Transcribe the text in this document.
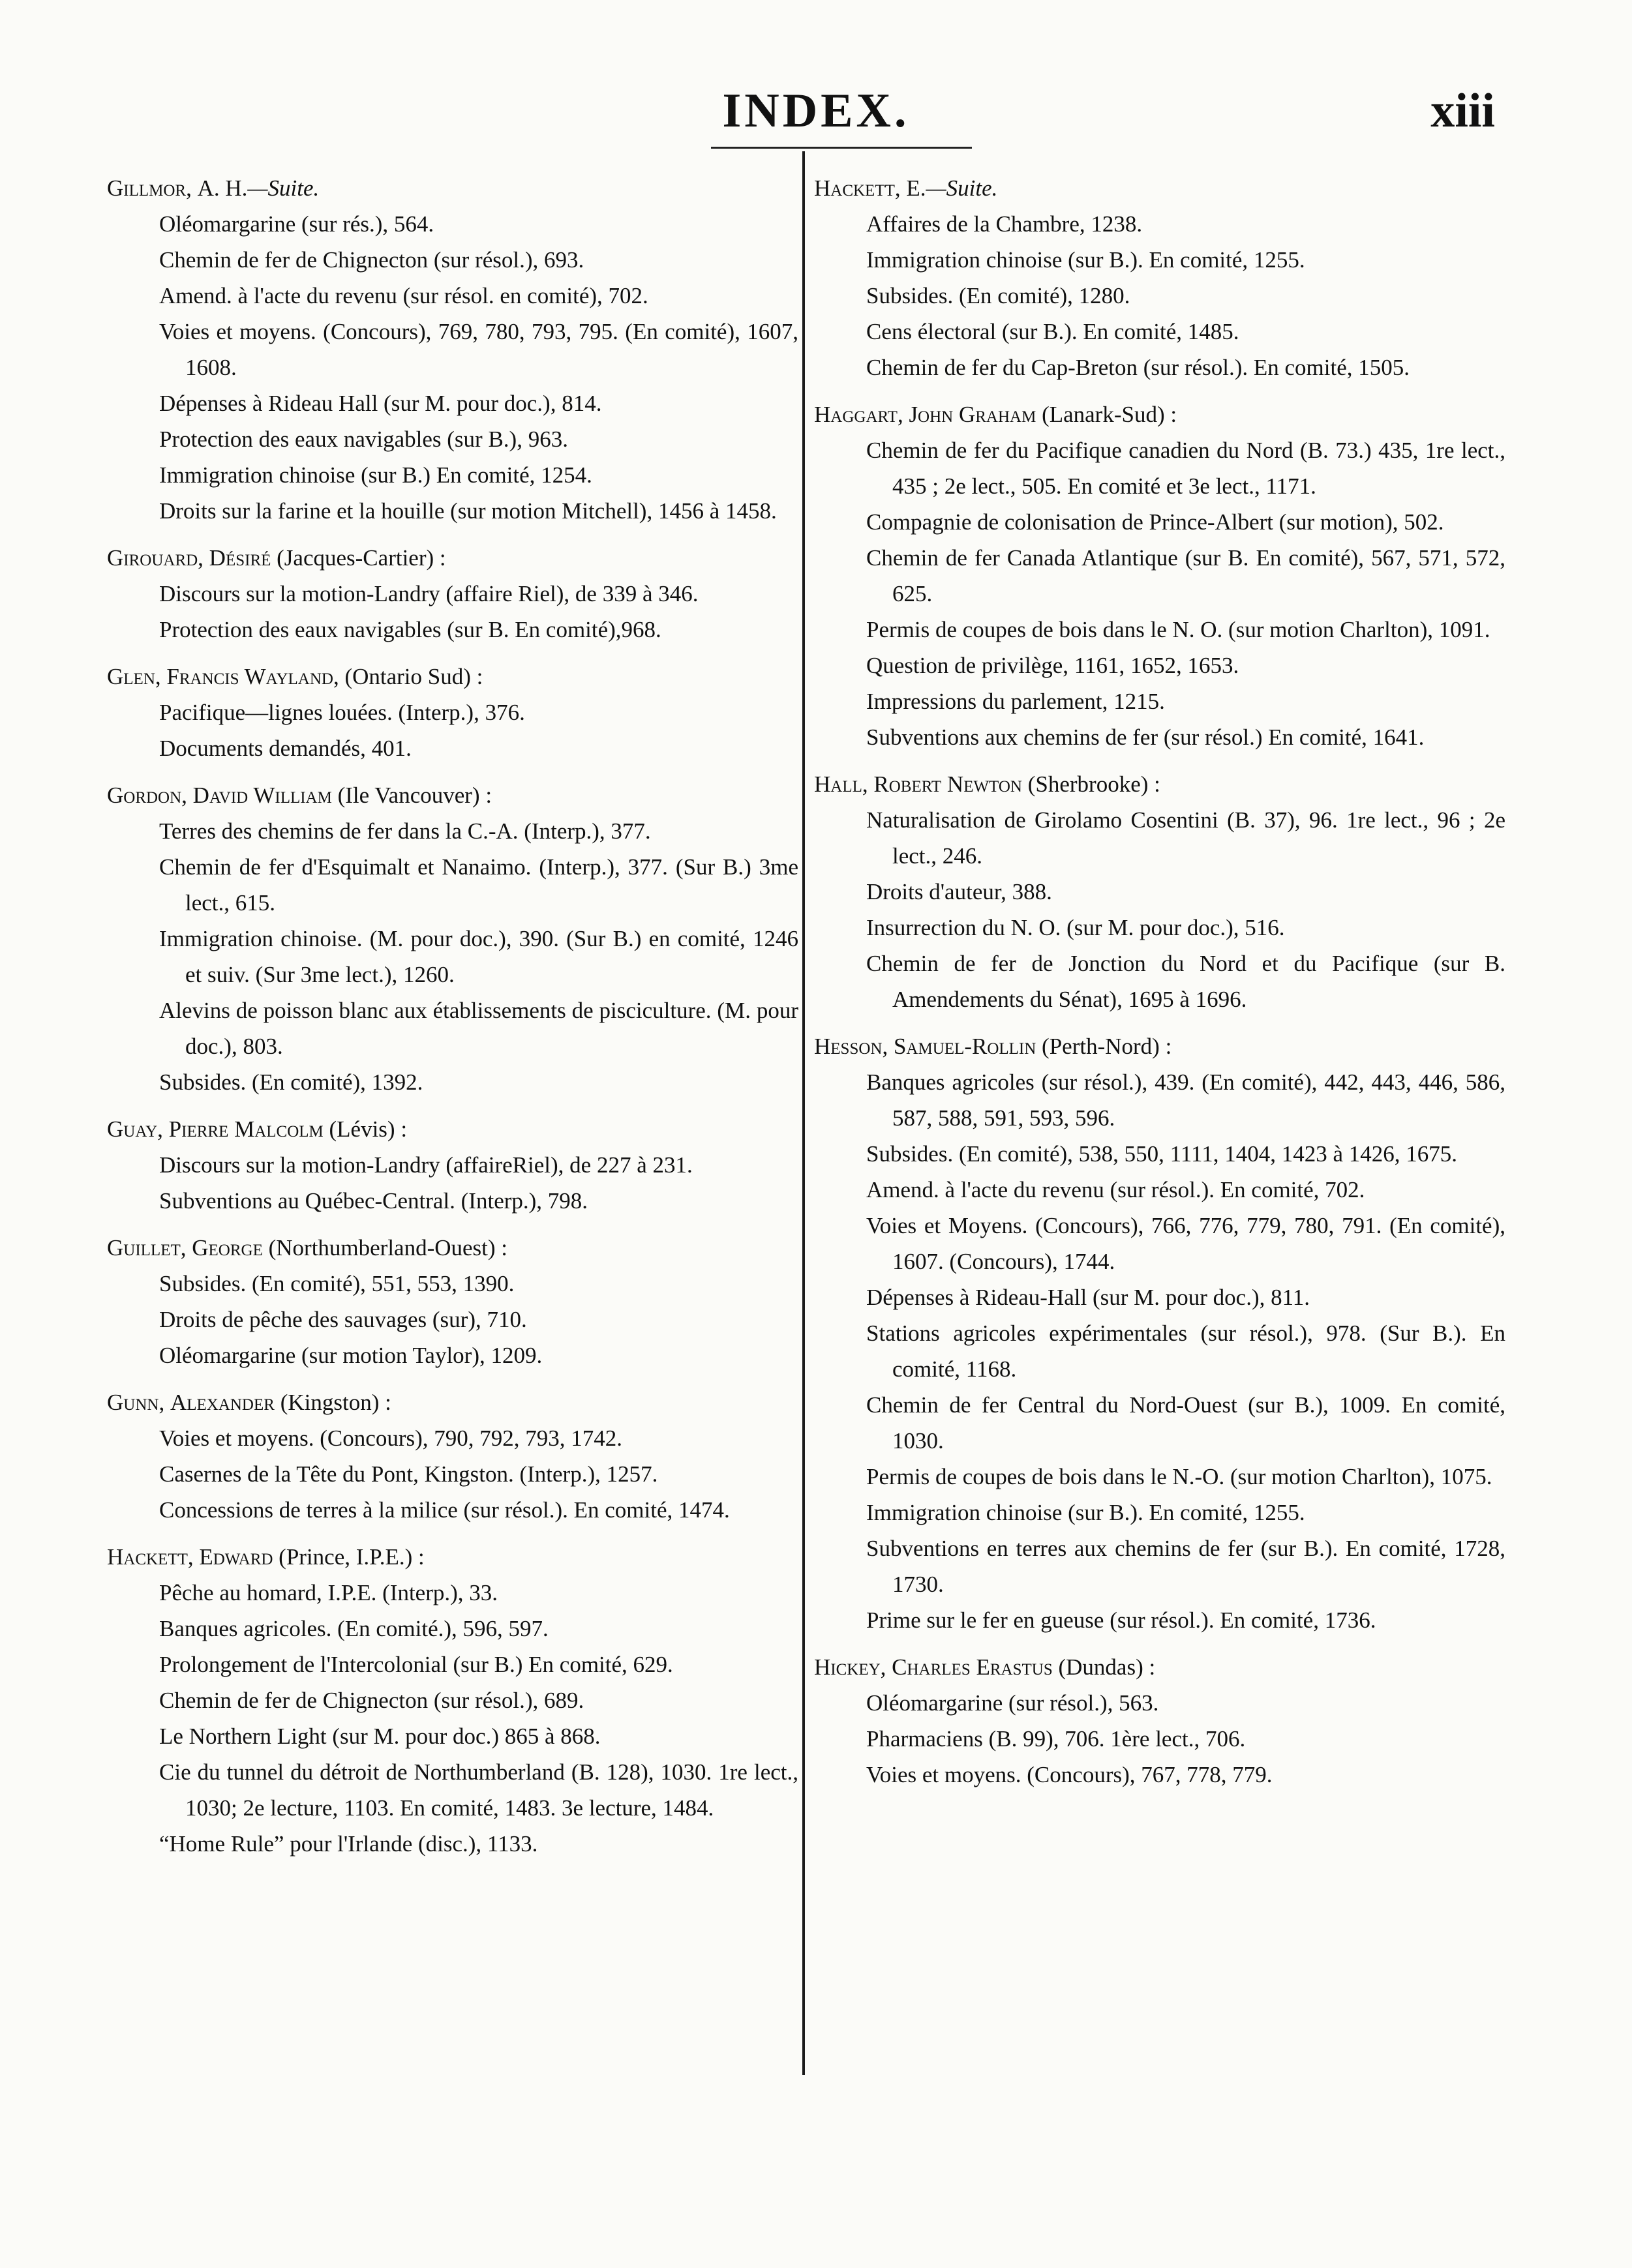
INDEX.	xiii
Gillmor, A. H.—Suite.
Oléomargarine (sur rés.), 564.
Chemin de fer de Chignecton (sur résol.), 693.
Amend. à l'acte du revenu (sur résol. en comité), 702.
Voies et moyens. (Concours), 769, 780, 793, 795. (En comité), 1607, 1608.
Dépenses à Rideau Hall (sur M. pour doc.), 814.
Protection des eaux navigables (sur B.), 963.
Immigration chinoise (sur B.) En comité, 1254.
Droits sur la farine et la houille (sur motion Mitchell), 1456 à 1458.
Girouard, Désiré (Jacques-Cartier) :
Discours sur la motion-Landry (affaire Riel), de 339 à 346.
Protection des eaux navigables (sur B. En comité),968.
Glen, Francis Wayland, (Ontario Sud) :
Pacifique—lignes louées. (Interp.), 376.
Documents demandés, 401.
Gordon, David William (Ile Vancouver) :
Terres des chemins de fer dans la C.-A. (Interp.), 377.
Chemin de fer d'Esquimalt et Nanaimo. (Interp.), 377. (Sur B.) 3me lect., 615.
Immigration chinoise. (M. pour doc.), 390. (Sur B.) en comité, 1246 et suiv. (Sur 3me lect.), 1260.
Alevins de poisson blanc aux établissements de pisciculture. (M. pour doc.), 803.
Subsides. (En comité), 1392.
Guay, Pierre Malcolm (Lévis) :
Discours sur la motion-Landry (affaireRiel), de 227 à 231.
Subventions au Québec-Central. (Interp.), 798.
Guillet, George (Northumberland-Ouest) :
Subsides. (En comité), 551, 553, 1390.
Droits de pêche des sauvages (sur), 710.
Oléomargarine (sur motion Taylor), 1209.
Gunn, Alexander (Kingston) :
Voies et moyens. (Concours), 790, 792, 793, 1742.
Casernes de la Tête du Pont, Kingston. (Interp.), 1257.
Concessions de terres à la milice (sur résol.). En comité, 1474.
Hackett, Edward (Prince, I.P.E.) :
Pêche au homard, I.P.E. (Interp.), 33.
Banques agricoles. (En comité.), 596, 597.
Prolongement de l'Intercolonial (sur B.) En comité, 629.
Chemin de fer de Chignecton (sur résol.), 689.
Le Northern Light (sur M. pour doc.) 865 à 868.
Cie du tunnel du détroit de Northumberland (B. 128), 1030. 1re lect., 1030; 2e lecture, 1103. En comité, 1483. 3e lecture, 1484.
“Home Rule” pour l'Irlande (disc.), 1133.
Hackett, E.—Suite.
Affaires de la Chambre, 1238.
Immigration chinoise (sur B.). En comité, 1255.
Subsides. (En comité), 1280.
Cens électoral (sur B.). En comité, 1485.
Chemin de fer du Cap-Breton (sur résol.). En comité, 1505.
Haggart, John Graham (Lanark-Sud) :
Chemin de fer du Pacifique canadien du Nord (B. 73.) 435, 1re lect., 435 ; 2e lect., 505. En comité et 3e lect., 1171.
Compagnie de colonisation de Prince-Albert (sur motion), 502.
Chemin de fer Canada Atlantique (sur B. En comité), 567, 571, 572, 625.
Permis de coupes de bois dans le N. O. (sur motion Charlton), 1091.
Question de privilège, 1161, 1652, 1653.
Impressions du parlement, 1215.
Subventions aux chemins de fer (sur résol.) En comité, 1641.
Hall, Robert Newton (Sherbrooke) :
Naturalisation de Girolamo Cosentini (B. 37), 96. 1re lect., 96 ; 2e lect., 246.
Droits d'auteur, 388.
Insurrection du N. O. (sur M. pour doc.), 516.
Chemin de fer de Jonction du Nord et du Pacifique (sur B. Amendements du Sénat), 1695 à 1696.
Hesson, Samuel-Rollin (Perth-Nord) :
Banques agricoles (sur résol.), 439. (En comité), 442, 443, 446, 586, 587, 588, 591, 593, 596.
Subsides. (En comité), 538, 550, 1111, 1404, 1423 à 1426, 1675.
Amend. à l'acte du revenu (sur résol.). En comité, 702.
Voies et Moyens. (Concours), 766, 776, 779, 780, 791. (En comité), 1607. (Concours), 1744.
Dépenses à Rideau-Hall (sur M. pour doc.), 811.
Stations agricoles expérimentales (sur résol.), 978. (Sur B.). En comité, 1168.
Chemin de fer Central du Nord-Ouest (sur B.), 1009. En comité, 1030.
Permis de coupes de bois dans le N.-O. (sur motion Charlton), 1075.
Immigration chinoise (sur B.). En comité, 1255.
Subventions en terres aux chemins de fer (sur B.). En comité, 1728, 1730.
Prime sur le fer en gueuse (sur résol.). En comité, 1736.
Hickey, Charles Erastus (Dundas) :
Oléomargarine (sur résol.), 563.
Pharmaciens (B. 99), 706. 1ère lect., 706.
Voies et moyens. (Concours), 767, 778, 779.
